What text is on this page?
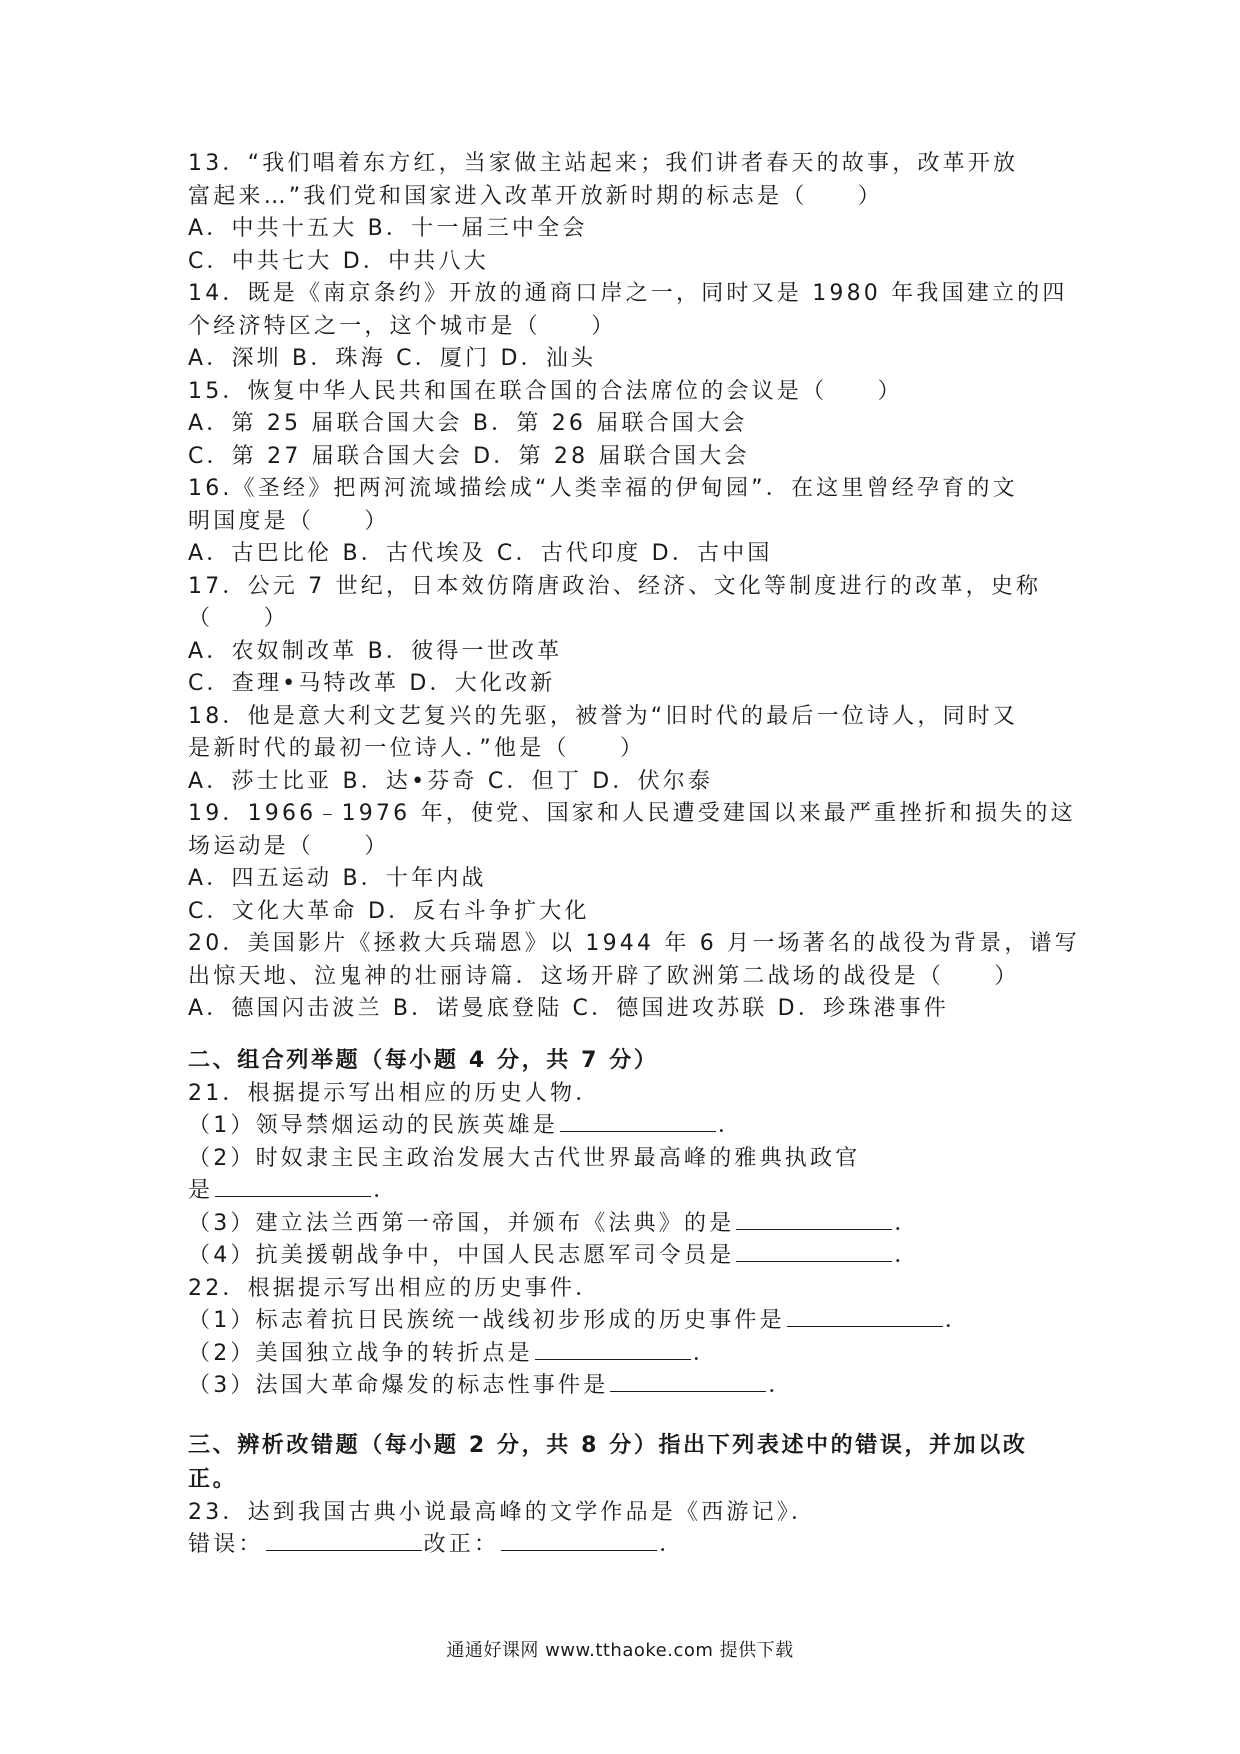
13．“我们唱着东方红，当家做主站起来；我们讲者春天的故事，改革开放
富起来…”我们党和国家进入改革开放新时期的标志是（　　）
A．中共十五大 B．十一届三中全会
C．中共七大 D．中共八大
14．既是《南京条约》开放的通商口岸之一，同时又是 1980 年我国建立的四
个经济特区之一，这个城市是（　　）
A．深圳 B．珠海 C．厦门 D．汕头
15．恢复中华人民共和国在联合国的合法席位的会议是（　　）
A．第 25 届联合国大会 B．第 26 届联合国大会
C．第 27 届联合国大会 D．第 28 届联合国大会
16.《圣经》把两河流域描绘成“人类幸福的伊甸园”．在这里曾经孕育的文
明国度是（　　）
A．古巴比伦 B．古代埃及 C．古代印度 D．古中国
17．公元 7 世纪，日本效仿隋唐政治、经济、文化等制度进行的改革，史称
（　　）
A．农奴制改革 B．彼得一世改革
C．查理•马特改革 D．大化改新
18．他是意大利文艺复兴的先驱，被誉为“旧时代的最后一位诗人，同时又
是新时代的最初一位诗人．”他是（　　）
A．莎士比亚 B．达•芬奇 C．但丁 D．伏尔泰
19．1966﹣1976 年，使党、国家和人民遭受建国以来最严重挫折和损失的这
场运动是（　　）
A．四五运动 B．十年内战
C．文化大革命 D．反右斗争扩大化
20．美国影片《拯救大兵瑞恩》以 1944 年 6 月一场著名的战役为背景，谱写
出惊天地、泣鬼神的壮丽诗篇．这场开辟了欧洲第二战场的战役是（　　）
A．德国闪击波兰 B．诺曼底登陆 C．德国进攻苏联 D．珍珠港事件
二、组合列举题（每小题 4 分，共 7 分）
21．根据提示写出相应的历史人物．
（1）领导禁烟运动的民族英雄是	．
（2）时奴隶主民主政治发展大古代世界最高峰的雅典执政官
是	．
（3）建立法兰西第一帝国，并颁布《法典》的是	．
（4）抗美援朝战争中，中国人民志愿军司令员是	．
22．根据提示写出相应的历史事件．
（1）标志着抗日民族统一战线初步形成的历史事件是	．
（2）美国独立战争的转折点是	．
（3）法国大革命爆发的标志性事件是	．
三、辨析改错题（每小题 2 分，共 8 分）指出下列表述中的错误，并加以改
正。
23．达到我国古典小说最高峰的文学作品是《西游记》．
错误：	改正：	．
通通好课网 www.tthaoke.com 提供下载
